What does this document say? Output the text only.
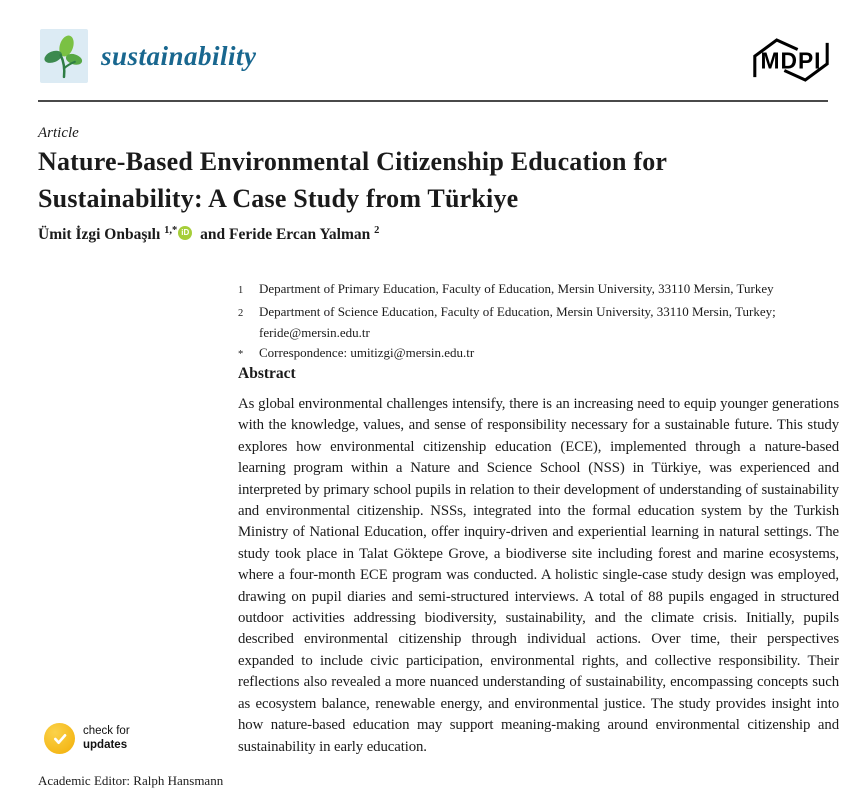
sustainability	MDPI
Article
Nature-Based Environmental Citizenship Education for Sustainability: A Case Study from Türkiye
Ümit İzgi Onbaşılı $^{1,*}$ iD and Feride Ercan Yalman $^2$
1	Department of Primary Education, Faculty of Education, Mersin University, 33110 Mersin, Turkey
2	Department of Science Education, Faculty of Education, Mersin University, 33110 Mersin, Turkey; feride@mersin.edu.tr
*	Correspondence: umitizgi@mersin.edu.tr
Abstract
As global environmental challenges intensify, there is an increasing need to equip younger generations with the knowledge, values, and sense of responsibility necessary for a sustainable future. This study explores how environmental citizenship education (ECE), implemented through a nature-based learning program within a Nature and Science School (NSS) in Türkiye, was experienced and interpreted by primary school pupils in relation to their development of understanding of sustainability and environmental citizenship. NSSs, integrated into the formal education system by the Turkish Ministry of National Education, offer inquiry-driven and experiential learning in natural settings. The study took place in Talat Göktepe Grove, a biodiverse site including forest and marine ecosystems, where a four-month ECE program was conducted. A holistic single-case study design was employed, drawing on pupil diaries and semi-structured interviews. A total of 88 pupils engaged in structured outdoor activities addressing biodiversity, sustainability, and the climate crisis. Initially, pupils described environmental citizenship through individual actions. Over time, their perspectives expanded to include civic participation, environmental rights, and collective responsibility. Their reflections also revealed a more nuanced understanding of sustainability, encompassing concepts such as ecosystem balance, renewable energy, and environmental justice. The study provides insight into how nature-based education may support meaning-making around environmental citizenship and sustainability in early education.
check for
updates
Academic Editor: Ralph Hansmann
